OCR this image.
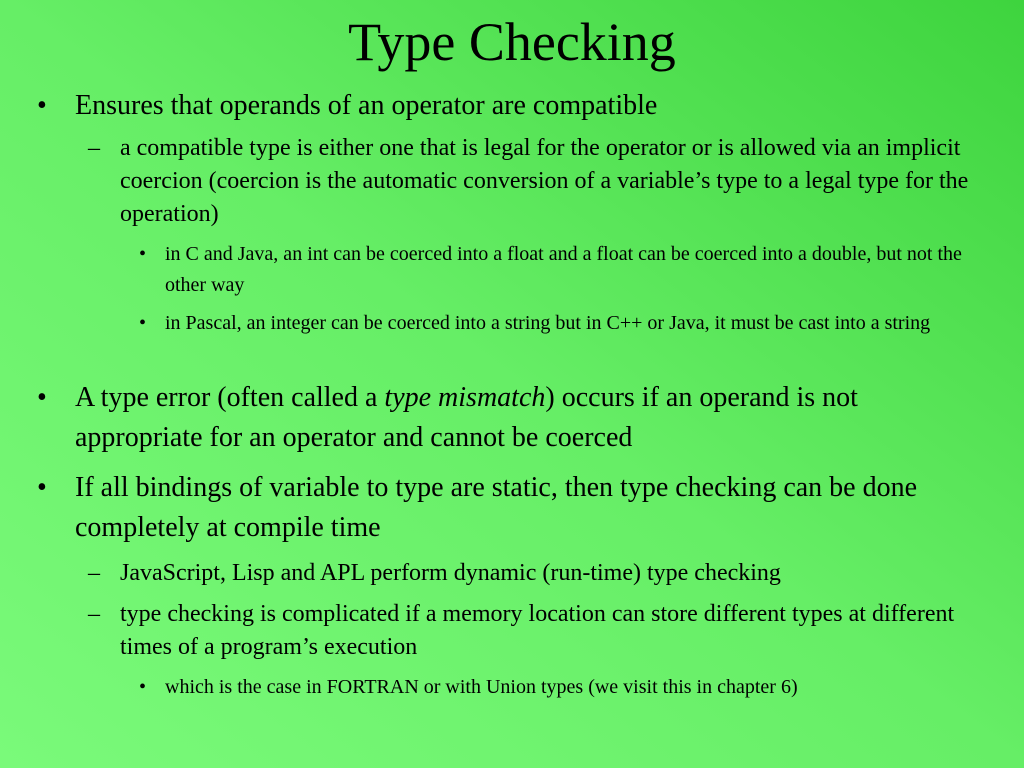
Type Checking
• Ensures that operands of an operator are compatible
– a compatible type is either one that is legal for the operator or is allowed via an implicit coercion (coercion is the automatic conversion of a variable’s type to a legal type for the operation)
• in C and Java, an int can be coerced into a float and a float can be coerced into a double, but not the other way
• in Pascal, an integer can be coerced into a string but in C++ or Java, it must be cast into a string
• A type error (often called a type mismatch) occurs if an operand is not appropriate for an operator and cannot be coerced
• If all bindings of variable to type are static, then type checking can be done completely at compile time
– JavaScript, Lisp and APL perform dynamic (run-time) type checking
– type checking is complicated if a memory location can store different types at different times of a program’s execution
• which is the case in FORTRAN or with Union types (we visit this in chapter 6)
